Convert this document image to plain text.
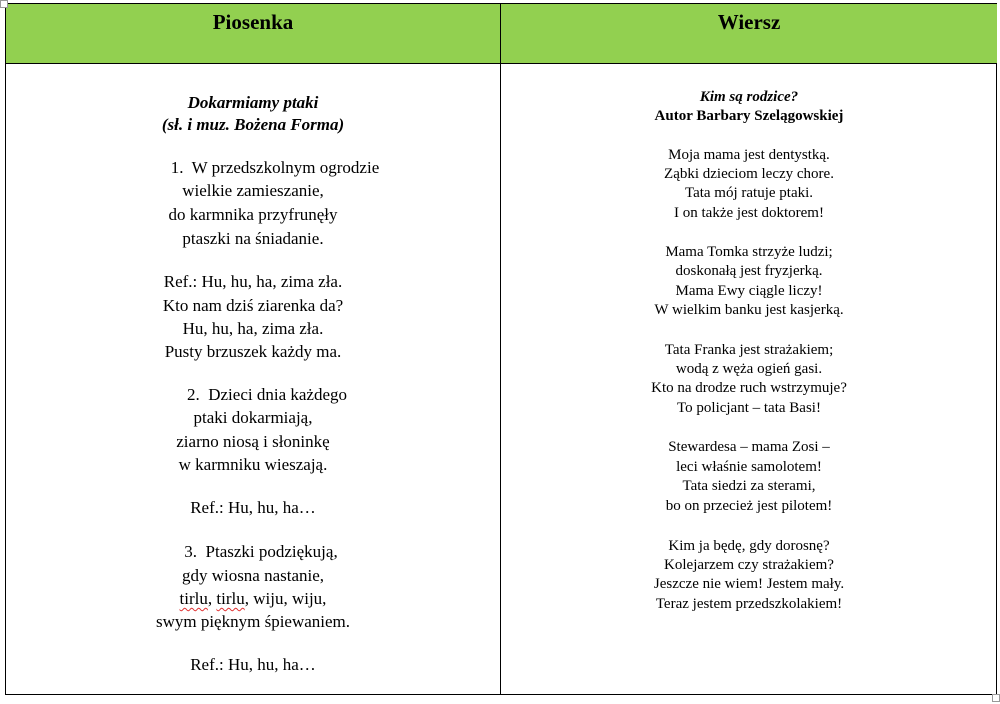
Piosenka	Wiersz
Dokarmiamy ptaki
(sł. i muz. Bożena Forma)
1.  W przedszkolnym ogrodzie
wielkie zamieszanie,
do karmnika przyfrunęły
ptaszki na śniadanie.
Ref.: Hu, hu, ha, zima zła.
Kto nam dziś ziarenka da?
Hu, hu, ha, zima zła.
Pusty brzuszek każdy ma.
2.  Dzieci dnia każdego
ptaki dokarmiają,
ziarno niosą i słoninkę
w karmniku wieszają.
Ref.: Hu, hu, ha…
3.  Ptaszki podziękują,
gdy wiosna nastanie,
tirlu, tirlu, wiju, wiju,
swym pięknym śpiewaniem.
Ref.: Hu, hu, ha…
Kim są rodzice?
Autor Barbary Szelągowskiej
Moja mama jest dentystką.
Ząbki dzieciom leczy chore.
Tata mój ratuje ptaki.
I on także jest doktorem!
Mama Tomka strzyże ludzi;
doskonałą jest fryzjerką.
Mama Ewy ciągle liczy!
W wielkim banku jest kasjerką.
Tata Franka jest strażakiem;
wodą z węża ogień gasi.
Kto na drodze ruch wstrzymuje?
To policjant – tata Basi!
Stewardesa – mama Zosi –
leci właśnie samolotem!
Tata siedzi za sterami,
bo on przecież jest pilotem!
Kim ja będę, gdy dorosnę?
Kolejarzem czy strażakiem?
Jeszcze nie wiem! Jestem mały.
Teraz jestem przedszkolakiem!
